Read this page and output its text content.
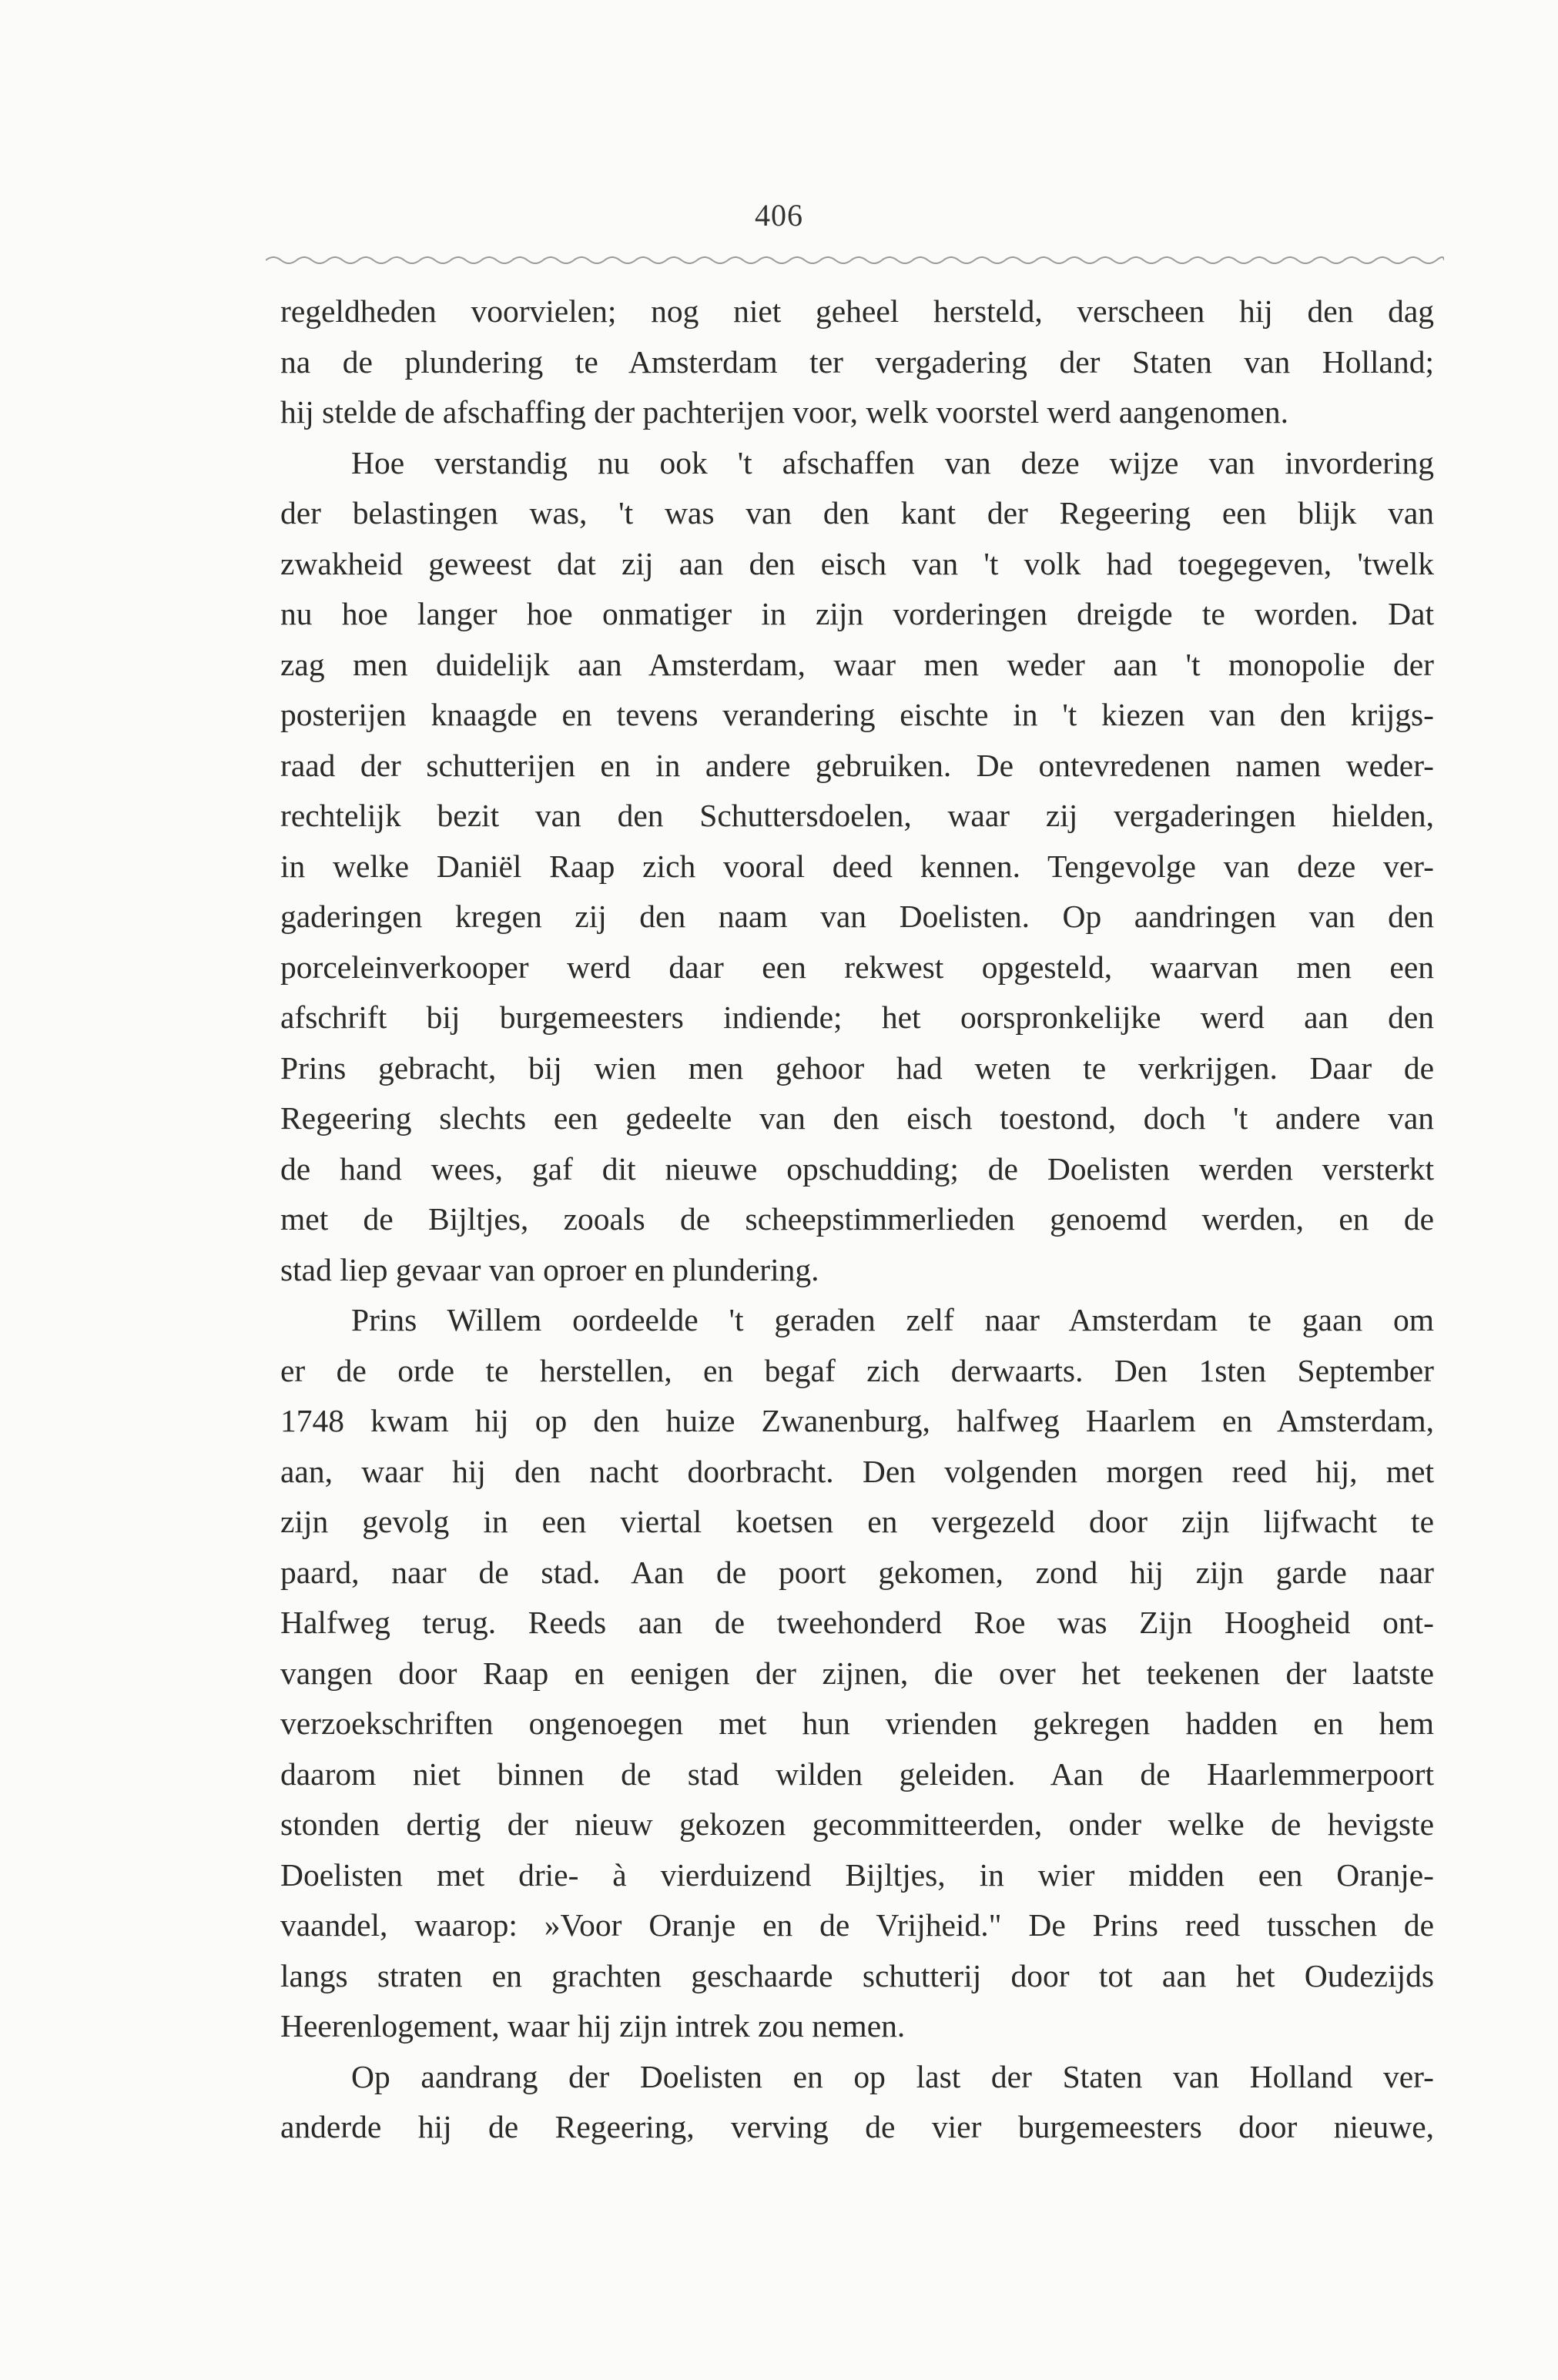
406
regeldheden voorvielen; nog niet geheel hersteld, verscheen hij den dag
na de plundering te Amsterdam ter vergadering der Staten van Holland;
hij stelde de afschaffing der pachterijen voor, welk voorstel werd aangenomen.
Hoe verstandig nu ook 't afschaffen van deze wijze van invordering
der belastingen was, 't was van den kant der Regeering een blijk van
zwakheid geweest dat zij aan den eisch van 't volk had toegegeven, 'twelk
nu hoe langer hoe onmatiger in zijn vorderingen dreigde te worden. Dat
zag men duidelijk aan Amsterdam, waar men weder aan 't monopolie der
posterijen knaagde en tevens verandering eischte in 't kiezen van den krijgs-
raad der schutterijen en in andere gebruiken. De ontevredenen namen weder-
rechtelijk bezit van den Schuttersdoelen, waar zij vergaderingen hielden,
in welke Daniël Raap zich vooral deed kennen. Tengevolge van deze ver-
gaderingen kregen zij den naam van Doelisten. Op aandringen van den
porceleinverkooper werd daar een rekwest opgesteld, waarvan men een
afschrift bij burgemeesters indiende; het oorspronkelijke werd aan den
Prins gebracht, bij wien men gehoor had weten te verkrijgen. Daar de
Regeering slechts een gedeelte van den eisch toestond, doch 't andere van
de hand wees, gaf dit nieuwe opschudding; de Doelisten werden versterkt
met de Bijltjes, zooals de scheepstimmerlieden genoemd werden, en de
stad liep gevaar van oproer en plundering.
Prins Willem oordeelde 't geraden zelf naar Amsterdam te gaan om
er de orde te herstellen, en begaf zich derwaarts. Den 1sten September
1748 kwam hij op den huize Zwanenburg, halfweg Haarlem en Amsterdam,
aan, waar hij den nacht doorbracht. Den volgenden morgen reed hij, met
zijn gevolg in een viertal koetsen en vergezeld door zijn lijfwacht te
paard, naar de stad. Aan de poort gekomen, zond hij zijn garde naar
Halfweg terug. Reeds aan de tweehonderd Roe was Zijn Hoogheid ont-
vangen door Raap en eenigen der zijnen, die over het teekenen der laatste
verzoekschriften ongenoegen met hun vrienden gekregen hadden en hem
daarom niet binnen de stad wilden geleiden. Aan de Haarlemmerpoort
stonden dertig der nieuw gekozen gecommitteerden, onder welke de hevigste
Doelisten met drie- à vierduizend Bijltjes, in wier midden een Oranje-
vaandel, waarop: »Voor Oranje en de Vrijheid." De Prins reed tusschen de
langs straten en grachten geschaarde schutterij door tot aan het Oudezijds
Heerenlogement, waar hij zijn intrek zou nemen.
Op aandrang der Doelisten en op last der Staten van Holland ver-
anderde hij de Regeering, verving de vier burgemeesters door nieuwe,
